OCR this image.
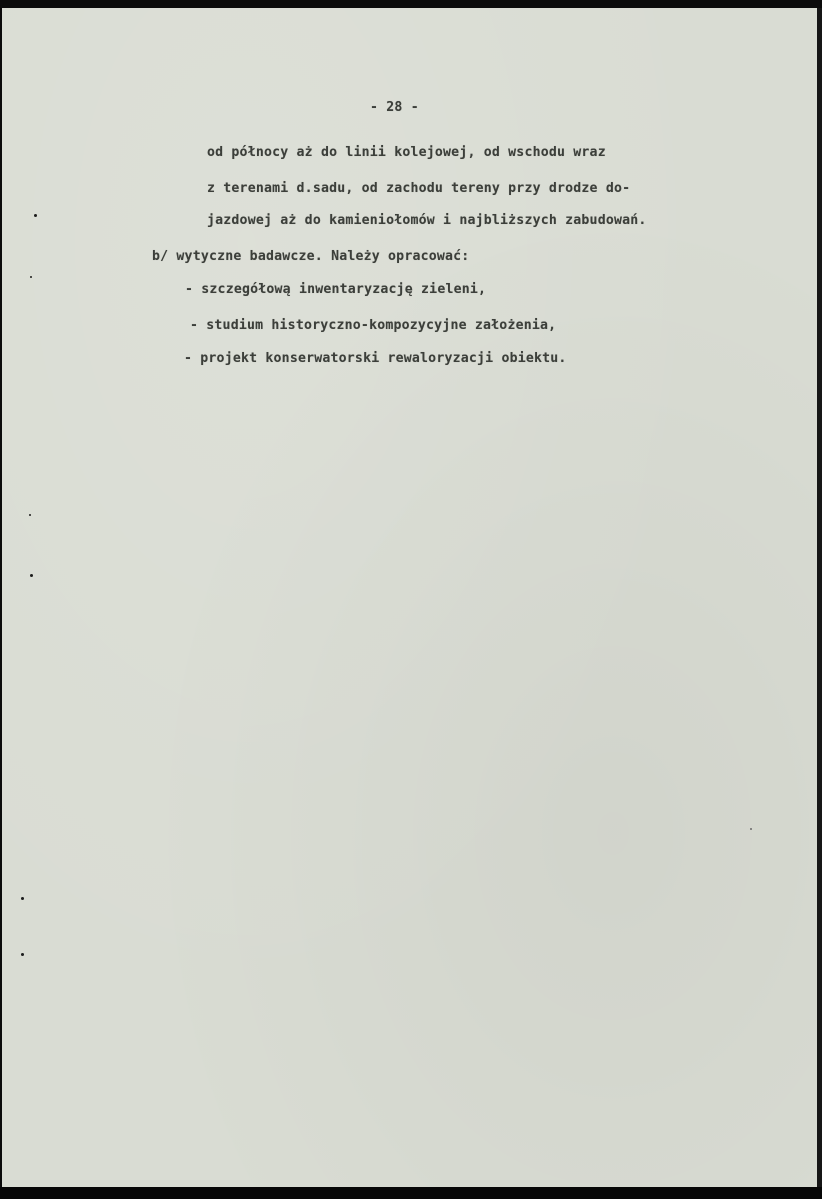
- 28 -
od północy aż do linii kolejowej, od wschodu wraz
z terenami d.sadu, od zachodu tereny przy drodze do-
jazdowej aż do kamieniołomów i najbliższych zabudowań.
b/ wytyczne badawcze. Należy opracować:
- szczegółową inwentaryzację zieleni,
- studium historyczno-kompozycyjne założenia,
- projekt konserwatorski rewaloryzacji obiektu.
